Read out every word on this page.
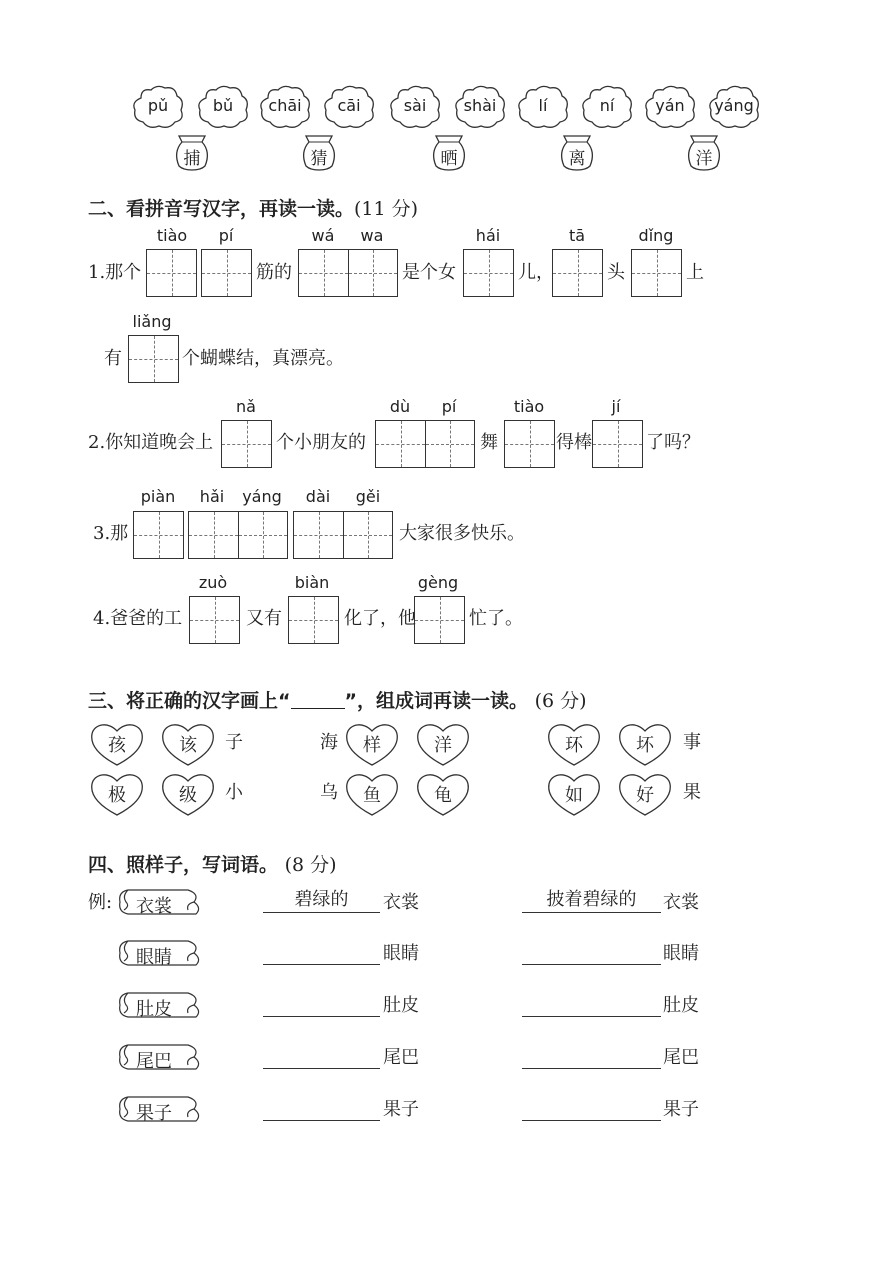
pǔ	bǔ
捕
chāi	cāi
猜
sài	shài
晒
lí	ní
离
yán	yáng
洋
二、看拼音写汉字，再读一读。(11 分)
tiào pí	wá wa	hái	tā	dǐng
1.那个	筋的	是个女	儿，	头	上
liǎng
有	个蝴蝶结，真漂亮。
nǎ	dù pí	tiào	jí
2.你知道晚会上	个小朋友的	舞	得棒	了吗？
piàn hǎi yáng dài gěi
3.那	大家很多快乐。
zuò	biàn	gèng
4.爸爸的工	又有	化了，他	忙了。
三、将正确的汉字画上“	”，组成词再读一读。 (6 分)
孩	该	子	海	样	洋	环	坏	事
极	级	小	乌	鱼	龟	如	好	果
四、照样子，写词语。 (8 分)
例: 衣裳	碧绿的	衣裳	披着碧绿的	衣裳
眼睛	眼睛	眼睛
肚皮	肚皮	肚皮
尾巴	尾巴	尾巴
果子	果子	果子
